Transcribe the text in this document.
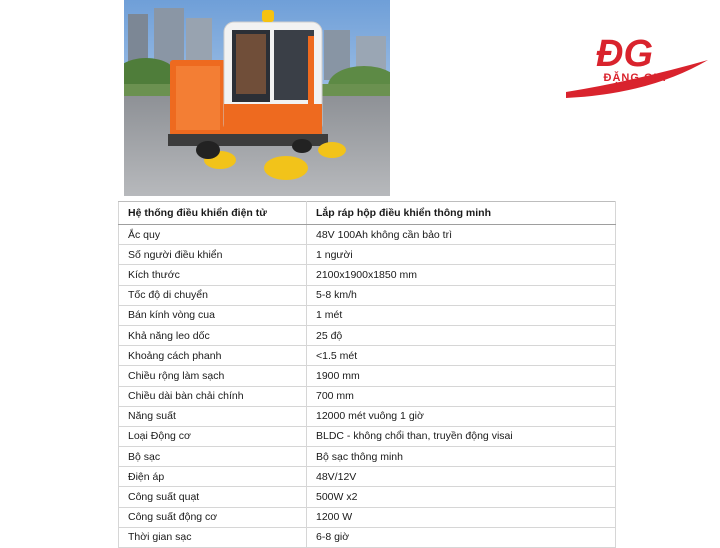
ĐG
ĐẶNG GIA
Hệ thống điều khiển điện tử	Lắp ráp hộp điều khiển thông minh
Ắc quy	48V 100Ah không cần bảo trì
Số người điều khiển	1 người
Kích thước	2100x1900x1850 mm
Tốc độ di chuyển	5-8 km/h
Bán kính vòng cua	1 mét
Khả năng leo dốc	25 độ
Khoảng cách phanh	<1.5 mét
Chiều rộng làm sạch	1900 mm
Chiều dài bàn chải chính	700 mm
Năng suất	12000 mét vuông 1 giờ
Loại Động cơ	BLDC - không chổi than, truyền động visai
Bộ sạc	Bộ sạc thông minh
Điện áp	48V/12V
Công suất quạt	500W x2
Công suất động cơ	1200 W
Thời gian sạc	6-8 giờ
